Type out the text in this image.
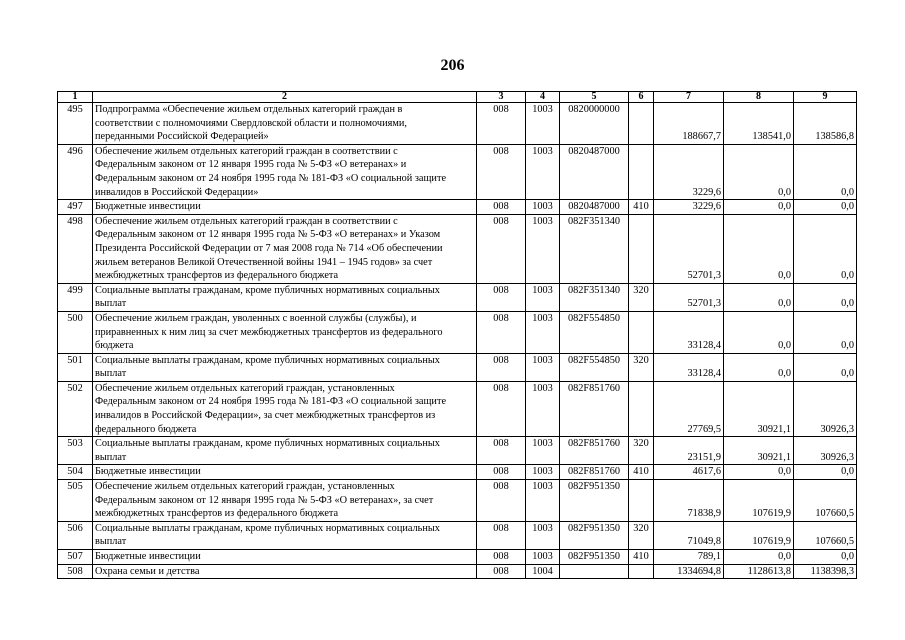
206
1	2	3	4	5	6	7	8	9
495	Подпрограмма «Обеспечение жильем отдельных категорий граждан в
соответствии с полномочиями Свердловской области и полномочиями,
переданными Российской Федерацией»	008	1003	0820000000		188667,7	138541,0	138586,8
496	Обеспечение жильем отдельных категорий граждан в соответствии с
Федеральным законом от 12 января 1995 года № 5-ФЗ «О ветеранах» и
Федеральным законом от 24 ноября 1995 года № 181-ФЗ «О социальной защите
инвалидов в Российской Федерации»	008	1003	0820487000		3229,6	0,0	0,0
497	Бюджетные инвестиции	008	1003	0820487000	410	3229,6	0,0	0,0
498	Обеспечение жильем отдельных категорий граждан в соответствии с
Федеральным законом от 12 января 1995 года № 5-ФЗ «О ветеранах» и Указом
Президента Российской Федерации от 7 мая 2008 года № 714 «Об обеспечении
жильем ветеранов Великой Отечественной войны 1941 – 1945 годов» за счет
межбюджетных трансфертов из федерального бюджета	008	1003	082F351340		52701,3	0,0	0,0
499	Социальные выплаты гражданам, кроме публичных нормативных социальных
выплат	008	1003	082F351340	320	52701,3	0,0	0,0
500	Обеспечение жильем граждан, уволенных с военной службы (службы), и
приравненных к ним лиц за счет межбюджетных трансфертов из федерального
бюджета	008	1003	082F554850		33128,4	0,0	0,0
501	Социальные выплаты гражданам, кроме публичных нормативных социальных
выплат	008	1003	082F554850	320	33128,4	0,0	0,0
502	Обеспечение жильем отдельных категорий граждан, установленных
Федеральным законом от 24 ноября 1995 года № 181-ФЗ «О социальной защите
инвалидов в Российской Федерации», за счет межбюджетных трансфертов из
федерального бюджета	008	1003	082F851760		27769,5	30921,1	30926,3
503	Социальные выплаты гражданам, кроме публичных нормативных социальных
выплат	008	1003	082F851760	320	23151,9	30921,1	30926,3
504	Бюджетные инвестиции	008	1003	082F851760	410	4617,6	0,0	0,0
505	Обеспечение жильем отдельных категорий граждан, установленных
Федеральным законом от 12 января 1995 года № 5-ФЗ «О ветеранах», за счет
межбюджетных трансфертов из федерального бюджета	008	1003	082F951350		71838,9	107619,9	107660,5
506	Социальные выплаты гражданам, кроме публичных нормативных социальных
выплат	008	1003	082F951350	320	71049,8	107619,9	107660,5
507	Бюджетные инвестиции	008	1003	082F951350	410	789,1	0,0	0,0
508	Охрана семьи и детства	008	1004			1334694,8	1128613,8	1138398,3
